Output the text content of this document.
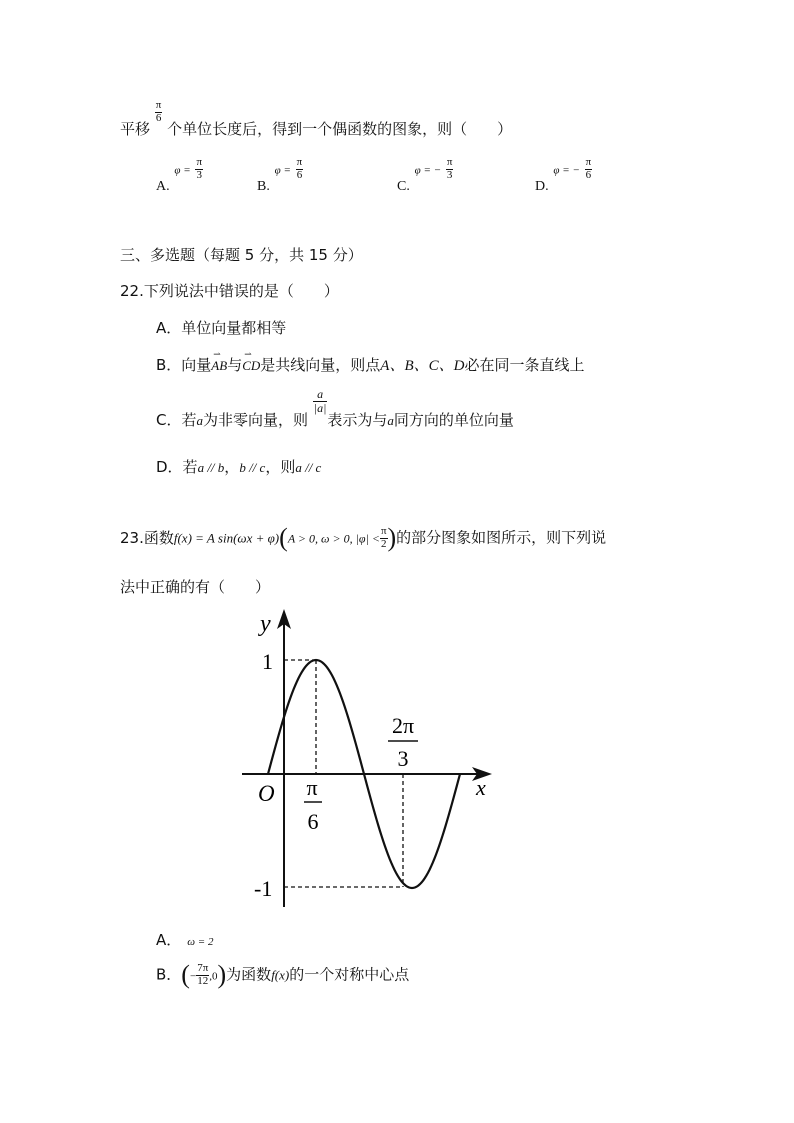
平移
$\frac{\pi}{6}$
个单位长度后，得到一个偶函数的图象，则（　　）
A. $\varphi = \frac{\pi}{3}$
B. $\varphi = \frac{\pi}{6}$
C. φ = − $\frac{\pi}{3}$
D. φ = − $\frac{\pi}{6}$
三、多选题（每题 5 分，共 15 分）
22.下列说法中错误的是（　　）
A．单位向量都相等
B．向量
⇀
AB与
⇀
CD是共线向量，则点A、B、C、D必在同一条直线上
C．若a为非零向量，则
$\frac{a}{|a|}$
表示为与a同方向的单位向量
D．若a // b，b // c，则a // c
23.函数f(x) = A sin(ωx + φ)(A > 0, ω > 0, $|\varphi| < \frac{\pi}{2}$ )的部分图象如图所示，则下列说
法中正确的有（　　）
y
x
O
1
-1
π
6
2π
3
A． ω = 2
B．(− $\frac{7\pi}{12} ,0$)为函数f(x)的一个对称中心点
